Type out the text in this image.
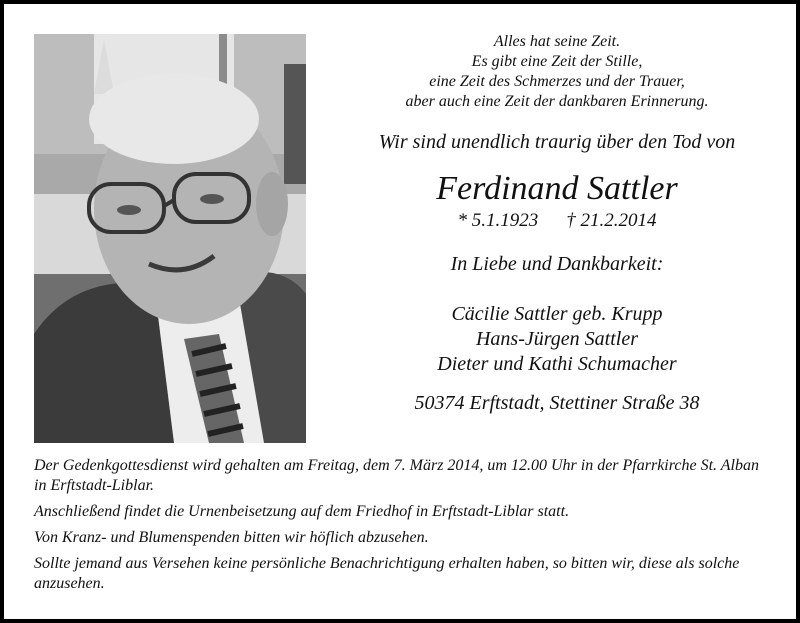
Alles hat seine Zeit.
Es gibt eine Zeit der Stille,
eine Zeit des Schmerzes und der Trauer,
aber auch eine Zeit der dankbaren Erinnerung.
Wir sind unendlich traurig über den Tod von
Ferdinand Sattler
* 5.1.1923 † 21.2.2014
In Liebe und Dankbarkeit:
Cäcilie Sattler geb. Krupp
Hans-Jürgen Sattler
Dieter und Kathi Schumacher
50374 Erftstadt, Stettiner Straße 38

Der Gedenkgottesdienst wird gehalten am Freitag, dem 7. März 2014, um 12.00 Uhr in der Pfarrkirche St. Alban in Erftstadt-Liblar.

Anschließend findet die Urnenbeisetzung auf dem Friedhof in Erftstadt-Liblar statt.

Von Kranz- und Blumenspenden bitten wir höflich abzusehen.

Sollte jemand aus Versehen keine persönliche Benachrichtigung erhalten haben, so bitten wir, diese als solche anzusehen.
